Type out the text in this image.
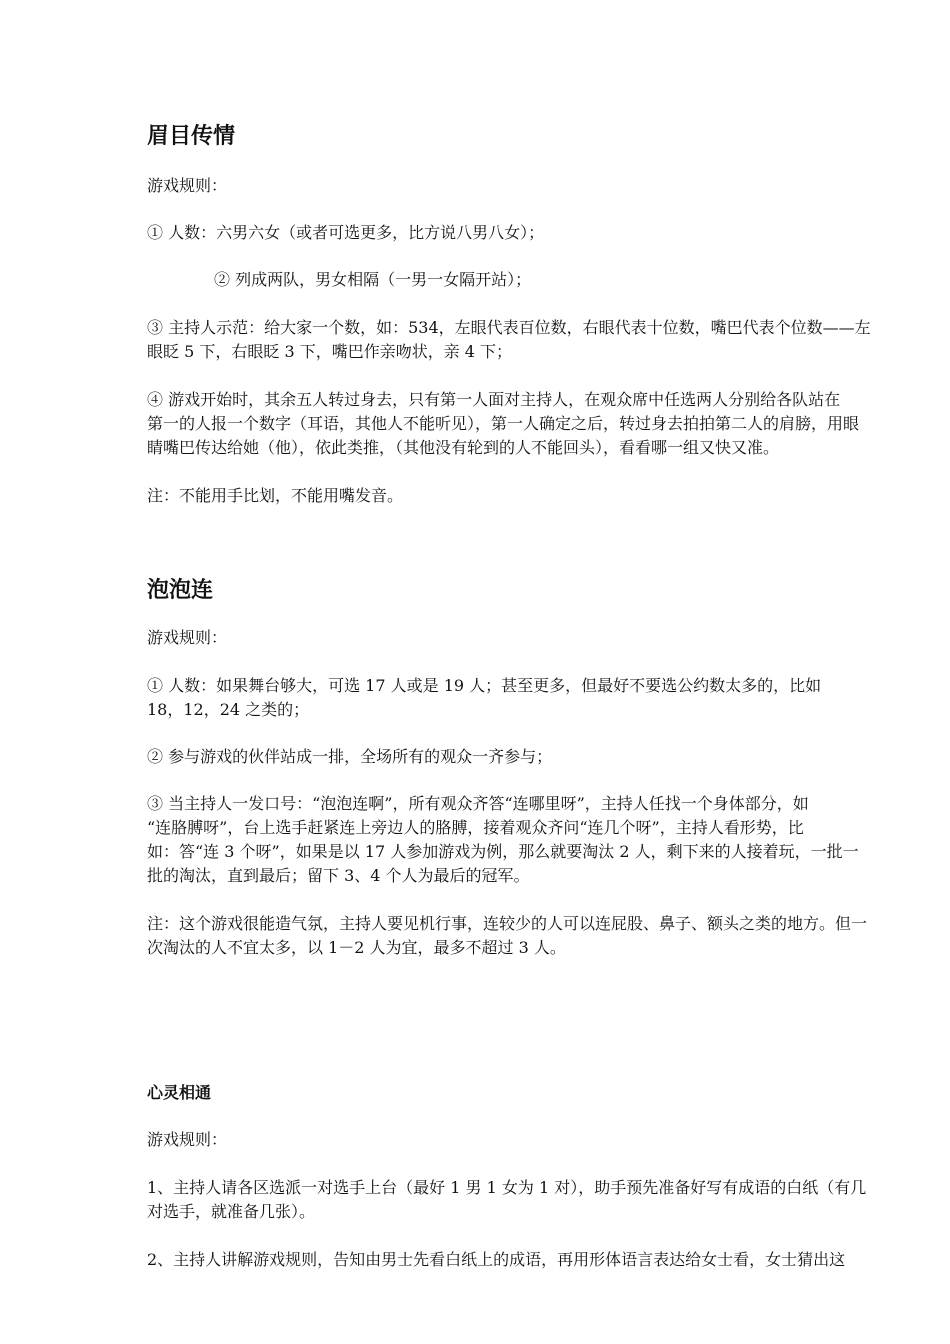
眉目传情
游戏规则：
① 人数：六男六女（或者可选更多，比方说八男八女）；
② 列成两队，男女相隔（一男一女隔开站）；
③ 主持人示范：给大家一个数，如：534，左眼代表百位数，右眼代表十位数，嘴巴代表个位数——左
眼眨 5 下，右眼眨 3 下，嘴巴作亲吻状，亲 4 下；
④ 游戏开始时，其余五人转过身去，只有第一人面对主持人，在观众席中任选两人分别给各队站在
第一的人报一个数字（耳语，其他人不能听见），第一人确定之后，转过身去拍拍第二人的肩膀，用眼
睛嘴巴传达给她（他），依此类推，（其他没有轮到的人不能回头），看看哪一组又快又准。
注：不能用手比划，不能用嘴发音。
泡泡连
游戏规则：
① 人数：如果舞台够大，可选 17 人或是 19 人；甚至更多，但最好不要选公约数太多的，比如
18，12，24 之类的；
② 参与游戏的伙伴站成一排，全场所有的观众一齐参与；
③ 当主持人一发口号：“泡泡连啊”，所有观众齐答“连哪里呀”，主持人任找一个身体部分，如
“连胳膊呀”，台上选手赶紧连上旁边人的胳膊，接着观众齐问“连几个呀”，主持人看形势，比
如：答“连 3 个呀”，如果是以 17 人参加游戏为例，那么就要淘汰 2 人，剩下来的人接着玩，一批一
批的淘汰，直到最后；留下 3、4 个人为最后的冠军。
注：这个游戏很能造气氛，主持人要见机行事，连较少的人可以连屁股、鼻子、额头之类的地方。但一
次淘汰的人不宜太多，以 1－2 人为宜，最多不超过 3 人。
心灵相通
游戏规则：
1、主持人请各区选派一对选手上台（最好 1 男 1 女为 1 对），助手预先准备好写有成语的白纸（有几
对选手，就准备几张）。
2、主持人讲解游戏规则，告知由男士先看白纸上的成语，再用形体语言表达给女士看，女士猜出这
